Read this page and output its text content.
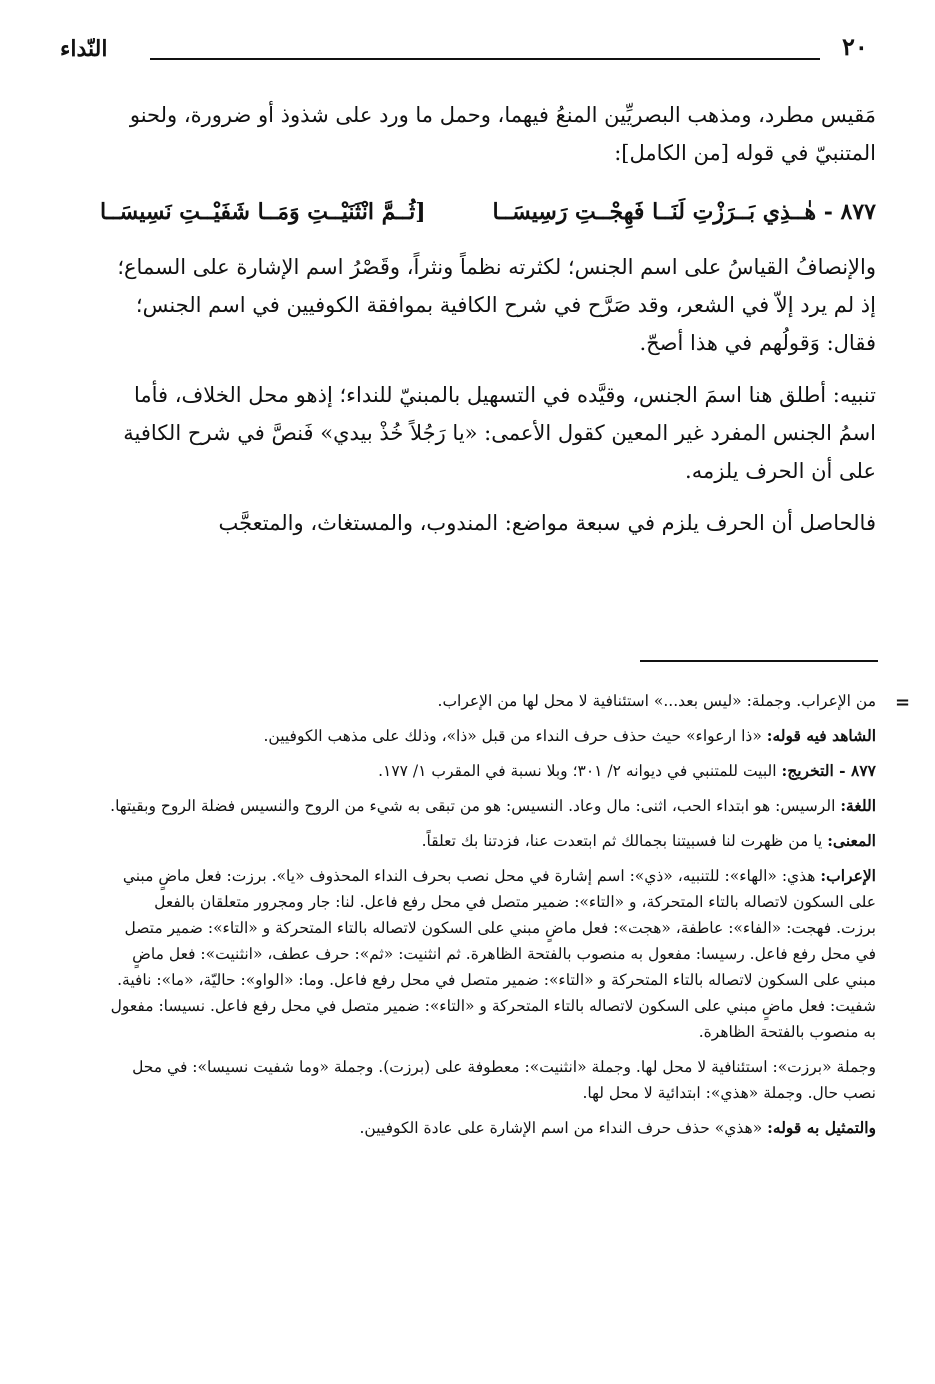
٢٠
النّداء

مَقيس مطرد، ومذهب البصريِّين المنعُ فيهما، وحمل ما ورد على شذوذ أو ضرورة، ولحنو المتنبيّ في قوله [من الكامل]:

٨٧٧ - هٰــذِي بَــرَزْتِ لَنَــا فَهِجْــتِ رَسِيسَــا
[ثُــمَّ انْثَنَيْــتِ وَمَــا شَفَيْــتِ نَسِيسَــا

والإنصافُ القياسُ على اسم الجنس؛ لكثرته نظماً ونثراً، وقَصْرُ اسم الإشارة على السماع؛ إذ لم يرد إلاّ في الشعر، وقد صَرَّح في شرح الكافية بموافقة الكوفيين في اسم الجنس؛ فقال: وَقولُهم في هذا أصحّ.

تنبيه: أطلق هنا اسمَ الجنس، وقيَّده في التسهيل بالمبنيّ للنداء؛ إذهو محل الخلاف، فأما اسمُ الجنس المفرد غير المعين كقول الأعمى: «يا رَجُلاً خُذْ بيدي» فَنصَّ في شرح الكافية على أن الحرف يلزمه.

فالحاصل أن الحرف يلزم في سبعة مواضع: المندوب، والمستغاث، والمتعجَّب

=

من الإعراب. وجملة: «ليس بعد...» استئنافية لا محل لها من الإعراب.

الشاهد فيه قوله: «ذا ارعواء» حيث حذف حرف النداء من قبل «ذا»، وذلك على مذهب الكوفيين.

٨٧٧ - التخريج: البيت للمتنبي في ديوانه ٢/ ٣٠١؛ وبلا نسبة في المقرب ١/ ١٧٧.

اللغة: الرسيس: هو ابتداء الحب، اثنى: مال وعاد. النسيس: هو من تبقى به شيء من الروح والنسيس فضلة الروح وبقيتها.

المعنى: يا من ظهرت لنا فسبيتنا بجمالك ثم ابتعدت عنا، فزدتنا بك تعلقاً.

الإعراب: هذي: «الهاء»: للتنبيه، «ذي»: اسم إشارة في محل نصب بحرف النداء المحذوف «يا». برزت: فعل ماضٍ مبني على السكون لاتصاله بالتاء المتحركة، و «التاء»: ضمير متصل في محل رفع فاعل. لنا: جار ومجرور متعلقان بالفعل برزت. فهجت: «الفاء»: عاطفة، «هجت»: فعل ماضٍ مبني على السكون لاتصاله بالتاء المتحركة و «التاء»: ضمير متصل في محل رفع فاعل. رسيسا: مفعول به منصوب بالفتحة الظاهرة. ثم انثنيت: «ثم»: حرف عطف، «انثنيت»: فعل ماضٍ مبني على السكون لاتصاله بالتاء المتحركة و «التاء»: ضمير متصل في محل رفع فاعل. وما: «الواو»: حاليّة، «ما»: نافية. شفيت: فعل ماضٍ مبني على السكون لاتصاله بالتاء المتحركة و «التاء»: ضمير متصل في محل رفع فاعل. نسيسا: مفعول به منصوب بالفتحة الظاهرة.

وجملة «برزت»: استئنافية لا محل لها. وجملة «انثنيت»: معطوفة على (برزت). وجملة «وما شفيت نسيسا»: في محل نصب حال. وجملة «هذي»: ابتدائية لا محل لها.

والتمثيل به قوله: «هذي» حذف حرف النداء من اسم الإشارة على عادة الكوفيين.
